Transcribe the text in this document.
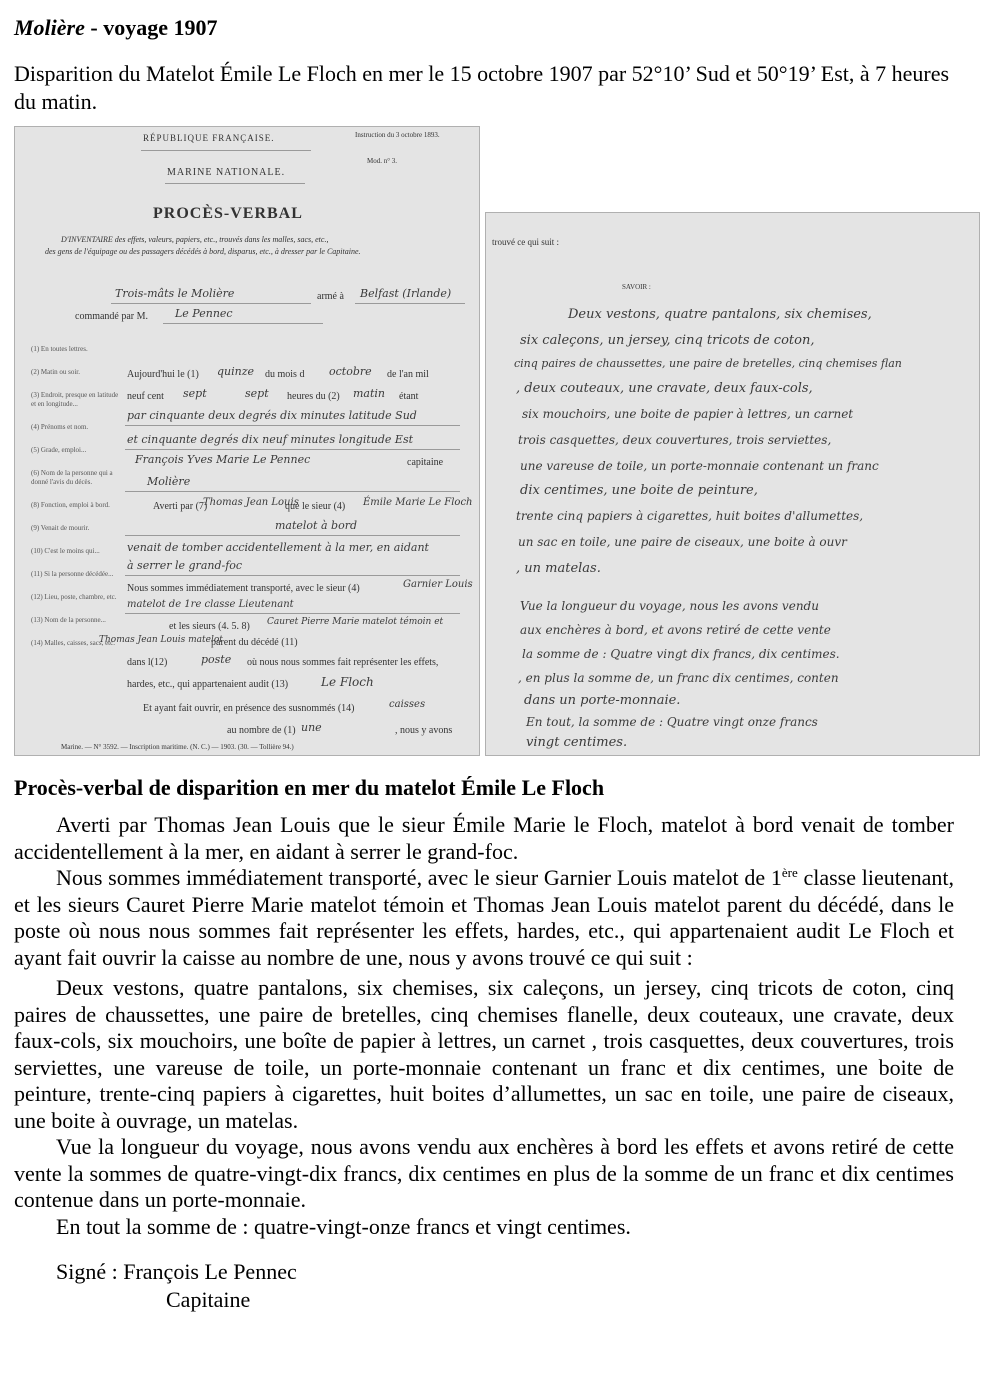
Molière - voyage 1907
Disparition du Matelot Émile Le Floch en mer le 15 octobre 1907 par 52°10’ Sud et 50°19’ Est, à 7 heures du matin.
RÉPUBLIQUE FRANÇAISE.	Instruction du 3 octobre 1893.
Mod. n° 3.
MARINE NATIONALE.
PROCÈS-VERBAL
D'INVENTAIRE des effets, valeurs, papiers, etc., trouvés dans les malles, sacs, etc.,
des gens de l'équipage ou des passagers décédés à bord, disparus, etc., à dresser par le Capitaine.
Trois-mâts le Molière	armé à Belfast (Irlande)
commandé par M. Le Pennec
(1) En toutes lettres.
(2) Matin ou soir.
(3) Endroit, presque en latitude et en longitude...
(4) Prénoms et nom.
(5) Grade, emploi...
(6) Nom de la personne qui a donné l'avis du décès.
(8) Fonction, emploi à bord.
(9) Venait de mourir.
(10) C'est le moins qui...
(11) Si la personne décédée...
(12) Lieu, poste, chambre, etc.
(13) Nom de la personne...
(14) Malles, caisses, sacs, etc.
Aujourd'hui le (1) quinze du mois d octobre de l'an mil
neuf cent sept	sept heures du (2) matin étant
par cinquante deux degrés dix minutes latitude Sud
et cinquante degrés dix neuf minutes longitude Est
François Yves Marie Le Pennec	capitaine
Molière
Averti par (7)
Thomas Jean Louis
que le sieur (4) Émile Marie Le Floch
matelot à bord
venait de tomber accidentellement à la mer, en aidant
à serrer le grand-foc
Nous sommes immédiatement transporté, avec le sieur (4)	Garnier Louis
matelot de 1re classe Lieutenant
et les sieurs (4. 5. 8) Cauret Pierre Marie matelot témoin et
Thomas Jean Louis matelot
parent du décédé (11)
dans l(12)	poste où nous nous sommes fait représenter les effets,
hardes, etc., qui appartenaient audit (13)	Le Floch
Et ayant fait ouvrir, en présence des susnommés (14)	caisses
au nombre de (1) une	, nous y avons
Marine. — N° 3592. — Inscription maritime. (N. C.) — 1903. (30. — Tollière 94.)
trouvé ce qui suit :
SAVOIR :
Deux vestons, quatre pantalons, six chemises,
six caleçons, un jersey, cinq tricots de coton,
cinq paires de chaussettes, une paire de bretelles, cinq chemises flan
, deux couteaux, une cravate, deux faux-cols,
six mouchoirs, une boite de papier à lettres, un carnet
trois casquettes, deux couvertures, trois serviettes,
une vareuse de toile, un porte-monnaie contenant un franc
dix centimes, une boite de peinture,
trente cinq papiers à cigarettes, huit boites d'allumettes,
un sac en toile, une paire de ciseaux, une boite à ouvr
, un matelas.
Vue la longueur du voyage, nous les avons vendu
aux enchères à bord, et avons retiré de cette vente
la somme de : Quatre vingt dix francs, dix centimes.
, en plus la somme de, un franc dix centimes, conten
dans un porte-monnaie.
En tout, la somme de : Quatre vingt onze francs
vingt centimes.
Procès-verbal de disparition en mer du matelot Émile Le Floch

Averti par Thomas Jean Louis que le sieur Émile Marie le Floch, matelot à bord venait de tomber accidentellement à la mer, en aidant à serrer le grand-foc.

Nous sommes immédiatement transporté, avec le sieur Garnier Louis matelot de 1ère classe lieutenant, et les sieurs Cauret Pierre Marie matelot témoin et Thomas Jean Louis matelot parent du décédé, dans le poste où nous nous sommes fait représenter les effets, hardes, etc., qui appartenaient audit Le Floch et ayant fait ouvrir la caisse au nombre de une, nous y avons trouvé ce qui suit :

Deux vestons, quatre pantalons, six chemises, six caleçons, un jersey, cinq tricots de coton, cinq paires de chaussettes, une paire de bretelles, cinq chemises flanelle, deux couteaux, une cravate, deux faux-cols, six mouchoirs, une boîte de papier à lettres, un carnet , trois casquettes, deux couvertures, trois serviettes, une vareuse de toile, un porte-monnaie contenant un franc et dix centimes, une boite de peinture, trente-cinq papiers à cigarettes, huit boites d’allumettes, un sac en toile, une paire de ciseaux, une boite à ouvrage, un matelas.

Vue la longueur du voyage, nous avons vendu aux enchères à bord les effets et avons retiré de cette vente la sommes de quatre-vingt-dix francs, dix centimes en plus de la somme de un franc et dix centimes contenue dans un porte-monnaie.

En tout la somme de : quatre-vingt-onze francs et vingt centimes.

Signé : François Le Pennec
Capitaine
